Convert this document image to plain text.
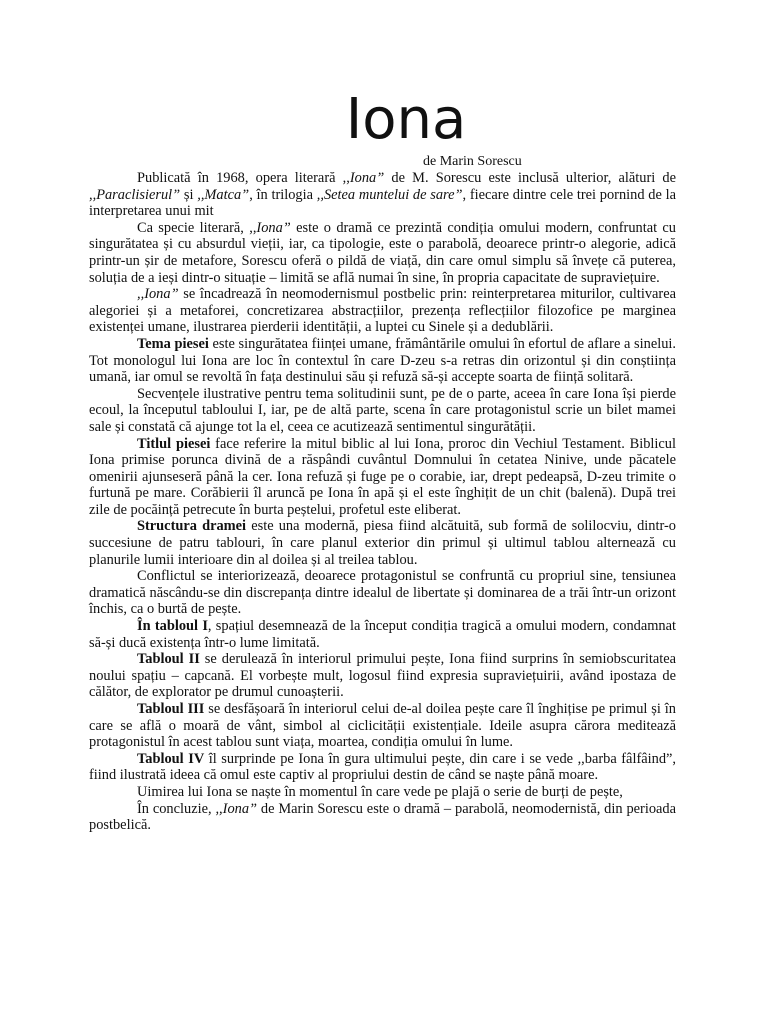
Iona
de Marin Sorescu

Publicată în 1968, opera literară ,,Iona” de M. Sorescu este inclusă ulterior, alături de ,,Paraclisierul” și ,,Matca”, în trilogia ,,Setea muntelui de sare”, fiecare dintre cele trei pornind de la interpretarea unui mit

Ca specie literară, ,,Iona” este o dramă ce prezintă condiția omului modern, confruntat cu singurătatea și cu absurdul vieții, iar, ca tipologie, este o parabolă, deoarece printr-o alegorie, adică printr-un șir de metafore, Sorescu oferă o pildă de viață, din care omul simplu să învețe că puterea, soluția de a ieși dintr-o situație – limită se află numai în sine, în propria capacitate de supraviețuire.

,,Iona” se încadrează în neomodernismul postbelic prin: reinterpretarea miturilor, cultivarea alegoriei și a metaforei, concretizarea abstracțiilor, prezența reflecțiilor filozofice pe marginea existenței umane, ilustrarea pierderii identității, a luptei cu Sinele și a dedublării.

Tema piesei este singurătatea ființei umane, frământările omului în efortul de aflare a sinelui. Tot monologul lui Iona are loc în contextul în care D-zeu s-a retras din orizontul și din conștiința umană, iar omul se revoltă în fața destinului său și refuză să-și accepte soarta de ființă solitară.

Secvențele ilustrative pentru tema solitudinii sunt, pe de o parte, aceea în care Iona își pierde ecoul, la începutul tabloului I, iar, pe de altă parte, scena în care protagonistul scrie un bilet mamei sale și constată că ajunge tot la el, ceea ce acutizează sentimentul singurătății.

Titlul piesei face referire la mitul biblic al lui Iona, proroc din Vechiul Testament. Biblicul Iona primise porunca divină de a răspândi cuvântul Domnului în cetatea Ninive, unde păcatele omenirii ajunseseră până la cer. Iona refuză și fuge pe o corabie, iar, drept pedeapsă, D-zeu trimite o furtună pe mare. Corăbierii îl aruncă pe Iona în apă și el este înghițit de un chit (balenă). După trei zile de pocăință petrecute în burta peștelui, profetul este eliberat.

Structura dramei este una modernă, piesa fiind alcătuită, sub formă de solilocviu, dintr-o succesiune de patru tablouri, în care planul exterior din primul și ultimul tablou alternează cu planurile lumii interioare din al doilea și al treilea tablou.

Conflictul se interiorizează, deoarece protagonistul se confruntă cu propriul sine, tensiunea dramatică născându-se din discrepanța dintre idealul de libertate și dominarea de a trăi într-un orizont închis, ca o burtă de pește.

În tabloul I, spațiul desemnează de la început condiția tragică a omului modern, condamnat să-și ducă existența într-o lume limitată.

Tabloul II se derulează în interiorul primului pește, Iona fiind surprins în semiobscuritatea noului spațiu – capcană. El vorbește mult, logosul fiind expresia supraviețuirii, având ipostaza de călător, de explorator pe drumul cunoașterii.

Tabloul III se desfășoară în interiorul celui de-al doilea pește care îl înghițise pe primul și în care se află o moară de vânt, simbol al ciclicității existențiale. Ideile asupra cărora meditează protagonistul în acest tablou sunt viața, moartea, condiția omului în lume.

Tabloul IV îl surprinde pe Iona în gura ultimului pește, din care i se vede ,,barba fâlfâind”, fiind ilustrată ideea că omul este captiv al propriului destin de când se naște până moare.

Uimirea lui Iona se naște în momentul în care vede pe plajă o serie de burți de pește,

În concluzie, ,,Iona” de Marin Sorescu este o dramă – parabolă, neomodernistă, din perioada postbelică.
